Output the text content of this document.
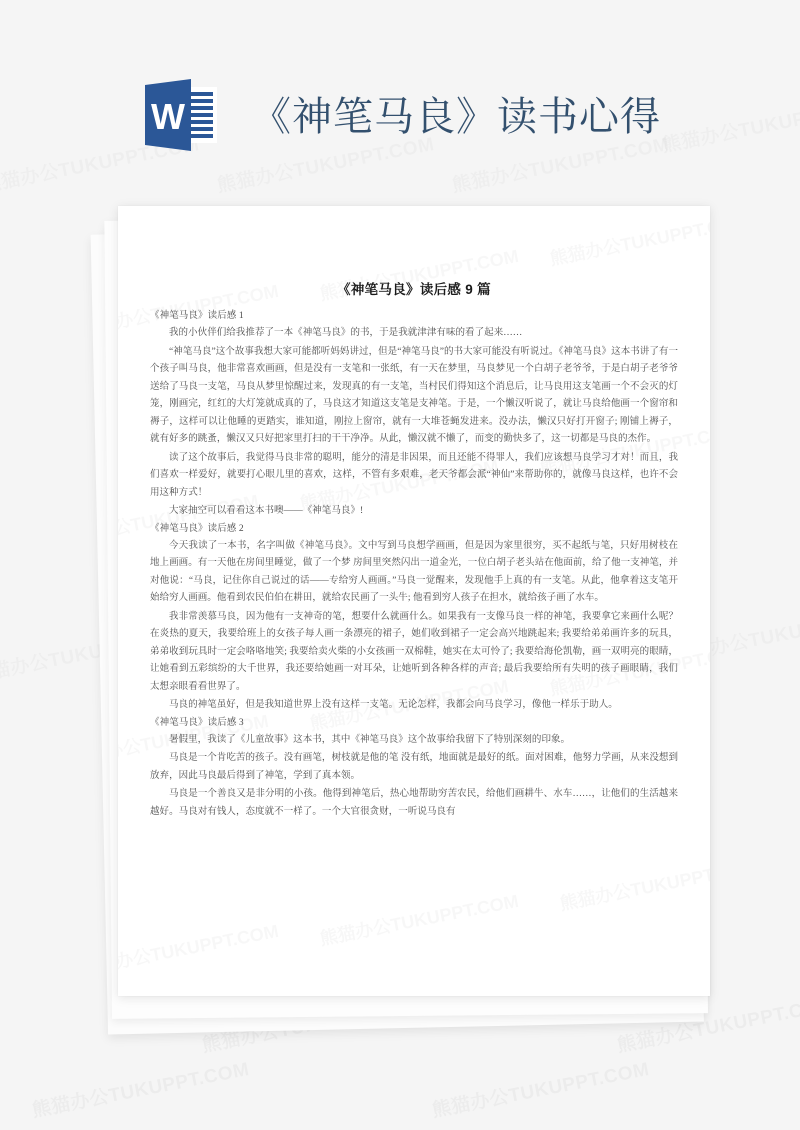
W 《神笔马良》读书心得
《神笔马良》读后感 9 篇
《神笔马良》读后感 1
我的小伙伴们给我推荐了一本《神笔马良》的书，于是我就津津有味的看了起来……
“神笔马良”这个故事我想大家可能都听妈妈讲过，但是“神笔马良”的书大家可能没有听说过。《神笔马良》这本书讲了有一个孩子叫马良，他非常喜欢画画，但是没有一支笔和一张纸，有一天在梦里，马良梦见一个白胡子老爷爷，于是白胡子老爷爷送给了马良一支笔，马良从梦里惊醒过来，发现真的有一支笔，当村民们得知这个消息后，让马良用这支笔画一个不会灭的灯笼，刚画完，红红的大灯笼就成真的了，马良这才知道这支笔是支神笔。于是，一个懒汉听说了，就让马良给他画一个窗帘和褥子，这样可以让他睡的更踏实，谁知道，刚拉上窗帘，就有一大堆苍蝇发进来。没办法，懒汉只好打开窗子; 刚铺上褥子，就有好多的跳蚤，懒汉又只好把家里打扫的干干净净。从此，懒汉就不懒了，而变的勤快多了，这一切都是马良的杰作。
读了这个故事后，我觉得马良非常的聪明，能分的清是非因果，而且还能不得罪人，我们应该想马良学习才对！而且，我们喜欢一样爱好，就要打心眼儿里的喜欢，这样，不管有多艰难，老天爷都会派“神仙”来帮助你的，就像马良这样，也许不会用这种方式！
大家抽空可以看看这本书噢——《神笔马良》!
《神笔马良》读后感 2
今天我读了一本书，名字叫做《神笔马良》。文中写到马良想学画画，但是因为家里很穷，买不起纸与笔，只好用树枝在地上画画。有一天他在房间里睡觉，做了一个梦 房间里突然闪出一道金光，一位白胡子老头站在他面前，给了他一支神笔，并对他说：“马良，记住你自己说过的话——专给穷人画画。”马良一觉醒来，发现他手上真的有一支笔。从此，他拿着这支笔开始给穷人画画。他看到农民伯伯在耕田，就给农民画了一头牛; 他看到穷人孩子在担水，就给孩子画了水车。
我非常羡慕马良，因为他有一支神奇的笔，想要什么就画什么。如果我有一支像马良一样的神笔，我要拿它来画什么呢？在炎热的夏天，我要给班上的女孩子每人画一条漂亮的裙子，她们收到裙子一定会高兴地跳起来; 我要给弟弟画许多的玩具，弟弟收到玩具时一定会咯咯地笑; 我要给卖火柴的小女孩画一双棉鞋，她实在太可怜了; 我要给海伦凯勒，画一双明亮的眼睛，让她看到五彩缤纷的大千世界，我还要给她画一对耳朵，让她听到各种各样的声音; 最后我要给所有失明的孩子画眼睛，我们太想亲眼看看世界了。
马良的神笔虽好，但是我知道世界上没有这样一支笔。无论怎样，我都会向马良学习，像他一样乐于助人。
《神笔马良》读后感 3
暑假里，我读了《儿童故事》这本书，其中《神笔马良》这个故事给我留下了特别深刻的印象。
马良是一个肯吃苦的孩子。没有画笔，树枝就是他的笔 没有纸，地面就是最好的纸。面对困难，他努力学画，从来没想到放弃，因此马良最后得到了神笔，学到了真本领。
马良是一个善良又是非分明的小孩。他得到神笔后，热心地帮助穷苦农民，给他们画耕牛、水车……，让他们的生活越来越好。马良对有钱人，态度就不一样了。一个大官很贪财，一听说马良有
